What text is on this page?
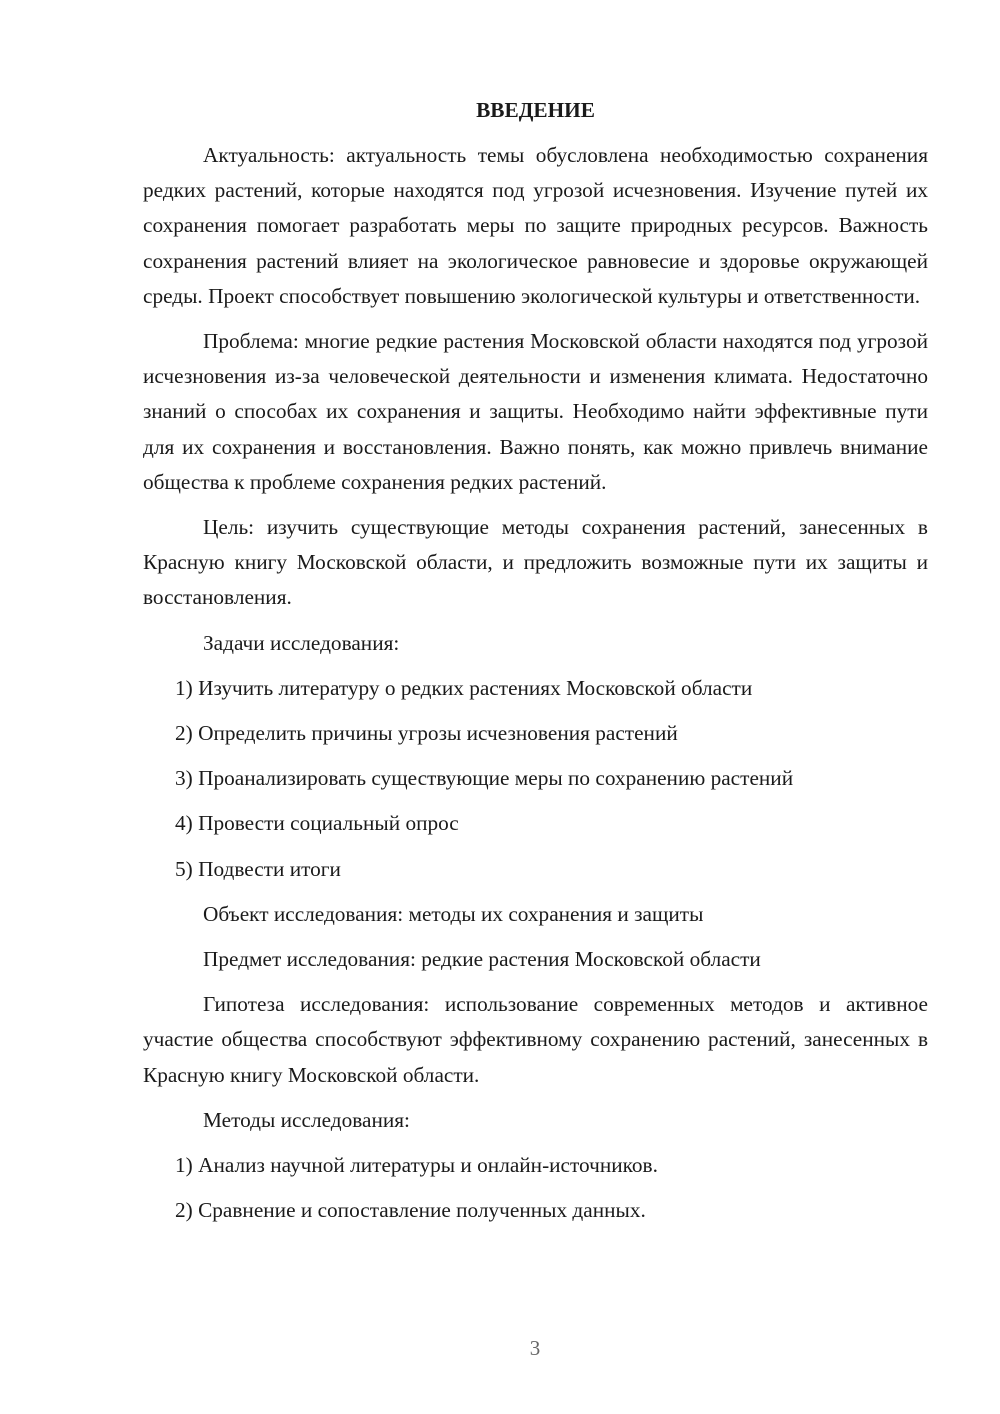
ВВЕДЕНИЕ

Актуальность: актуальность темы обусловлена необходимостью сохранения редких растений, которые находятся под угрозой исчезновения. Изучение путей их сохранения помогает разработать меры по защите природных ресурсов. Важность сохранения растений влияет на экологическое равновесие и здоровье окружающей среды. Проект способствует повышению экологической культуры и ответственности.

Проблема: многие редкие растения Московской области находятся под угрозой исчезновения из-за человеческой деятельности и изменения климата. Недостаточно знаний о способах их сохранения и защиты. Необходимо найти эффективные пути для их сохранения и восстановления. Важно понять, как можно привлечь внимание общества к проблеме сохранения редких растений.

Цель: изучить существующие методы сохранения растений, занесенных в Красную книгу Московской области, и предложить возможные пути их защиты и восстановления.

Задачи исследования:
1) Изучить литературу о редких растениях Московской области
2) Определить причины угрозы исчезновения растений
3) Проанализировать существующие меры по сохранению растений
4) Провести социальный опрос
5) Подвести итоги
Объект исследования: методы их сохранения и защиты
Предмет исследования: редкие растения Московской области

Гипотеза исследования: использование современных методов и активное участие общества способствуют эффективному сохранению растений, занесенных в Красную книгу Московской области.

Методы исследования:
1) Анализ научной литературы и онлайн-источников.
2) Сравнение и сопоставление полученных данных.
3
